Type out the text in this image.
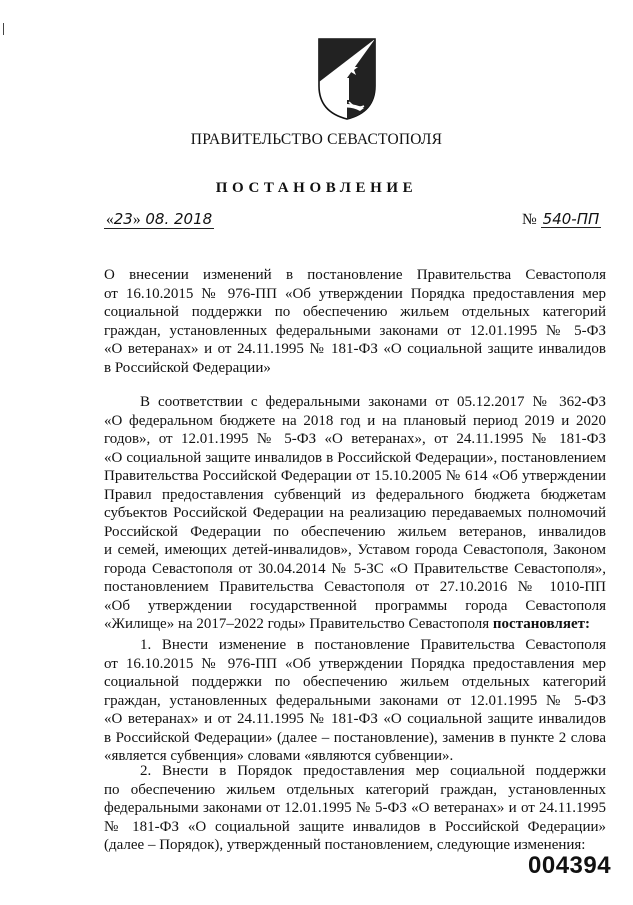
ПРАВИТЕЛЬСТВО СЕВАСТОПОЛЯ
ПОСТАНОВЛЕНИЕ
«23» 08. 2018	№ 540-ПП
О внесении изменений в постановление Правительства Севастополя
от 16.10.2015 № 976-ПП «Об утверждении Порядка предоставления мер
социальной поддержки по обеспечению жильем отдельных категорий
граждан, установленных федеральными законами от 12.01.1995 № 5-ФЗ
«О ветеранах» и от 24.11.1995 № 181-ФЗ «О социальной защите инвалидов
в Российской Федерации»
В соответствии с федеральными законами от 05.12.2017 № 362-ФЗ
«О федеральном бюджете на 2018 год и на плановый период 2019 и 2020
годов», от 12.01.1995 № 5-ФЗ «О ветеранах», от 24.11.1995 № 181-ФЗ
«О социальной защите инвалидов в Российской Федерации», постановлением
Правительства Российской Федерации от 15.10.2005 № 614 «Об утверждении
Правил предоставления субвенций из федерального бюджета бюджетам
субъектов Российской Федерации на реализацию передаваемых полномочий
Российской Федерации по обеспечению жильем ветеранов, инвалидов
и семей, имеющих детей-инвалидов», Уставом города Севастополя, Законом
города Севастополя от 30.04.2014 № 5-ЗС «О Правительстве Севастополя»,
постановлением Правительства Севастополя от 27.10.2016 № 1010-ПП
«Об утверждении государственной программы города Севастополя
«Жилище» на 2017–2022 годы» Правительство Севастополя постановляет:
1. Внести изменение в постановление Правительства Севастополя
от 16.10.2015 № 976-ПП «Об утверждении Порядка предоставления мер
социальной поддержки по обеспечению жильем отдельных категорий
граждан, установленных федеральными законами от 12.01.1995 № 5-ФЗ
«О ветеранах» и от 24.11.1995 № 181-ФЗ «О социальной защите инвалидов
в Российской Федерации» (далее – постановление), заменив в пункте 2 слова
«является субвенция» словами «являются субвенции».
2. Внести в Порядок предоставления мер социальной поддержки
по обеспечению жильем отдельных категорий граждан, установленных
федеральными законами от 12.01.1995 № 5-ФЗ «О ветеранах» и от 24.11.1995
№ 181-ФЗ «О социальной защите инвалидов в Российской Федерации»
(далее – Порядок), утвержденный постановлением, следующие изменения:
004394
